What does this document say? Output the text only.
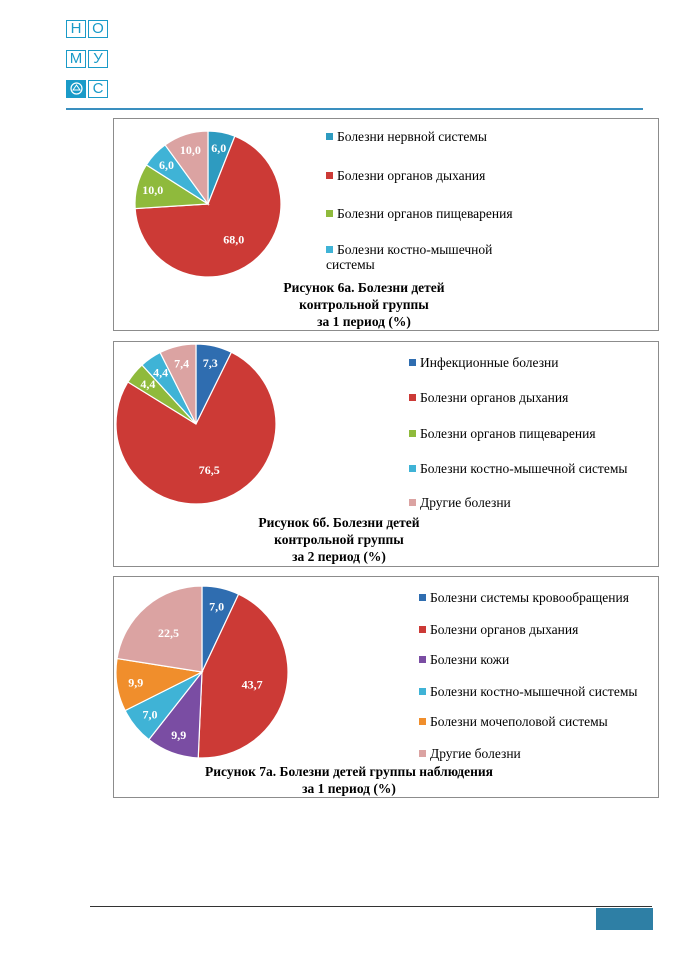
Н О
М У
С
6,0
68,0
10,0
6,0
10,0
Болезни нервной системы
Болезни органов дыхания
Болезни органов пищеварения
Болезни костно-мышечной системы
Рисунок 6а. Болезни детей
контрольной группы
за 1 период (%)
7,3
76,5
4,4
4,4
7,4	Инфекционные болезни
Болезни органов дыхания
Болезни органов пищеварения
Болезни костно-мышечной системы
Другие болезни
Рисунок 6б. Болезни детей
контрольной группы
за 2 период (%)
7,0
43,7
9,9
7,0
9,9
22,5
Болезни системы кровообращения
Болезни органов дыхания
Болезни кожи
Болезни костно-мышечной системы
Болезни мочеполовой системы
Другие болезни
Рисунок 7а. Болезни детей группы наблюдения
за 1 период (%)
